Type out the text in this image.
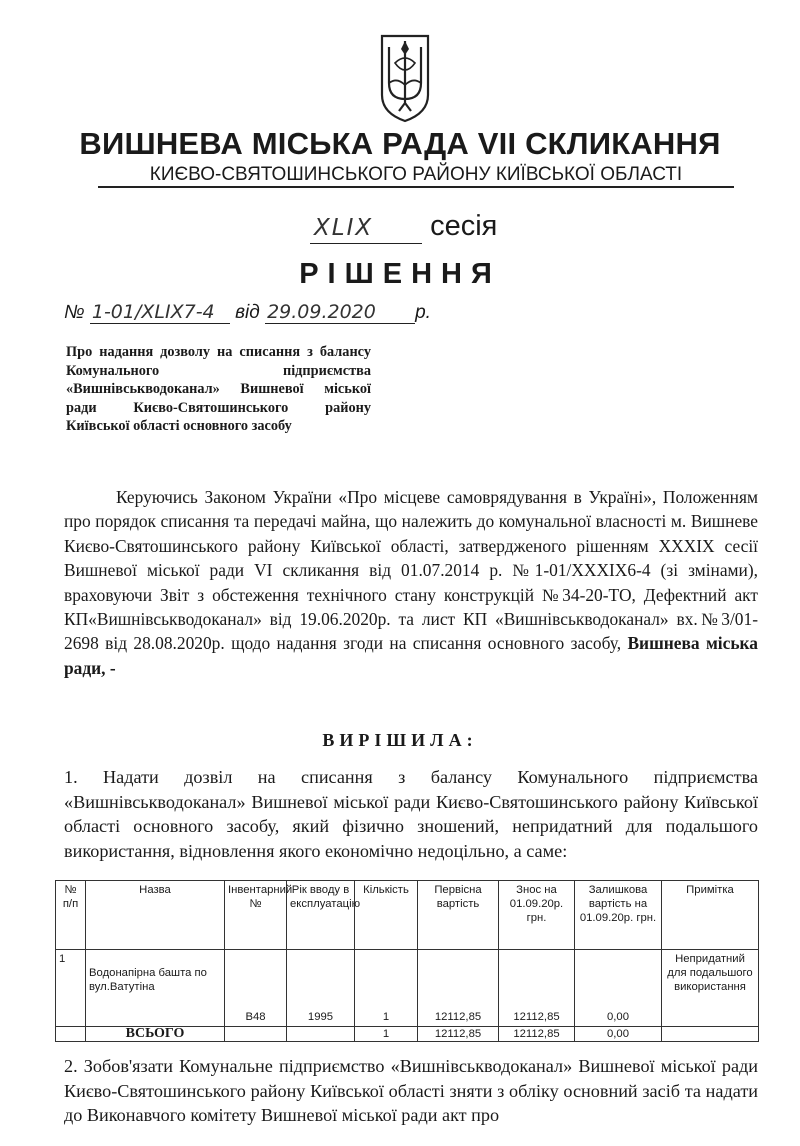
ВИШНЕВА МІСЬКА РАДА VII СКЛИКАННЯ
КИЄВО-СВЯТОШИНСЬКОГО РАЙОНУ КИЇВСЬКОЇ ОБЛАСТІ
XLIX сесія
РІШЕННЯ
№ 1-01/XLIX7-4 від 29.09.2020 р.
Про надання дозволу на списання з балансу Комунального підприємства «Вишнівськводоканал» Вишневої міської ради Києво-Святошинського району Київської області основного засобу
Керуючись Законом України «Про місцеве самоврядування в Україні», Положенням про порядок списання та передачі майна, що належить до комунальної власності м. Вишневе Києво-Святошинського району Київської області, затвердженого рішенням XXXIX сесії Вишневої міської ради VI скликання від 01.07.2014 р. №1-01/XXXIX6-4 (зі змінами), враховуючи Звіт з обстеження технічного стану конструкцій №34-20-ТО, Дефектний акт КП«Вишнівськводоканал» від 19.06.2020р. та лист КП «Вишнівськводоканал» вх.№3/01-2698 від 28.08.2020р. щодо надання згоди на списання основного засобу, Вишнева міська ради, -
ВИРІШИЛА:
1. Надати дозвіл на списання з балансу Комунального підприємства «Вишнівськводоканал» Вишневої міської ради Києво-Святошинського району Київської області основного засобу, який фізично зношений, непридатний для подальшого використання, відновлення якого економічно недоцільно, а саме:
№ п/п	Назва	Інвентарний №	Рік вводу в експлуатацію	Кількість	Первісна вартість	Знос на 01.09.20р. грн.	Залишкова вартість на 01.09.20р. грн.	Примітка
1	Водонапірна башта по вул.Ватутіна	В48	1995	1	12112,85	12112,85	0,00	Непридатний для подальшого використання
	ВСЬОГО			1	12112,85	12112,85	0,00	
2. Зобов'язати Комунальне підприємство «Вишнівськводоканал» Вишневої міської ради Києво-Святошинського району Київської області зняти з обліку основний засіб та надати до Виконавчого комітету Вишневої міської ради акт про
